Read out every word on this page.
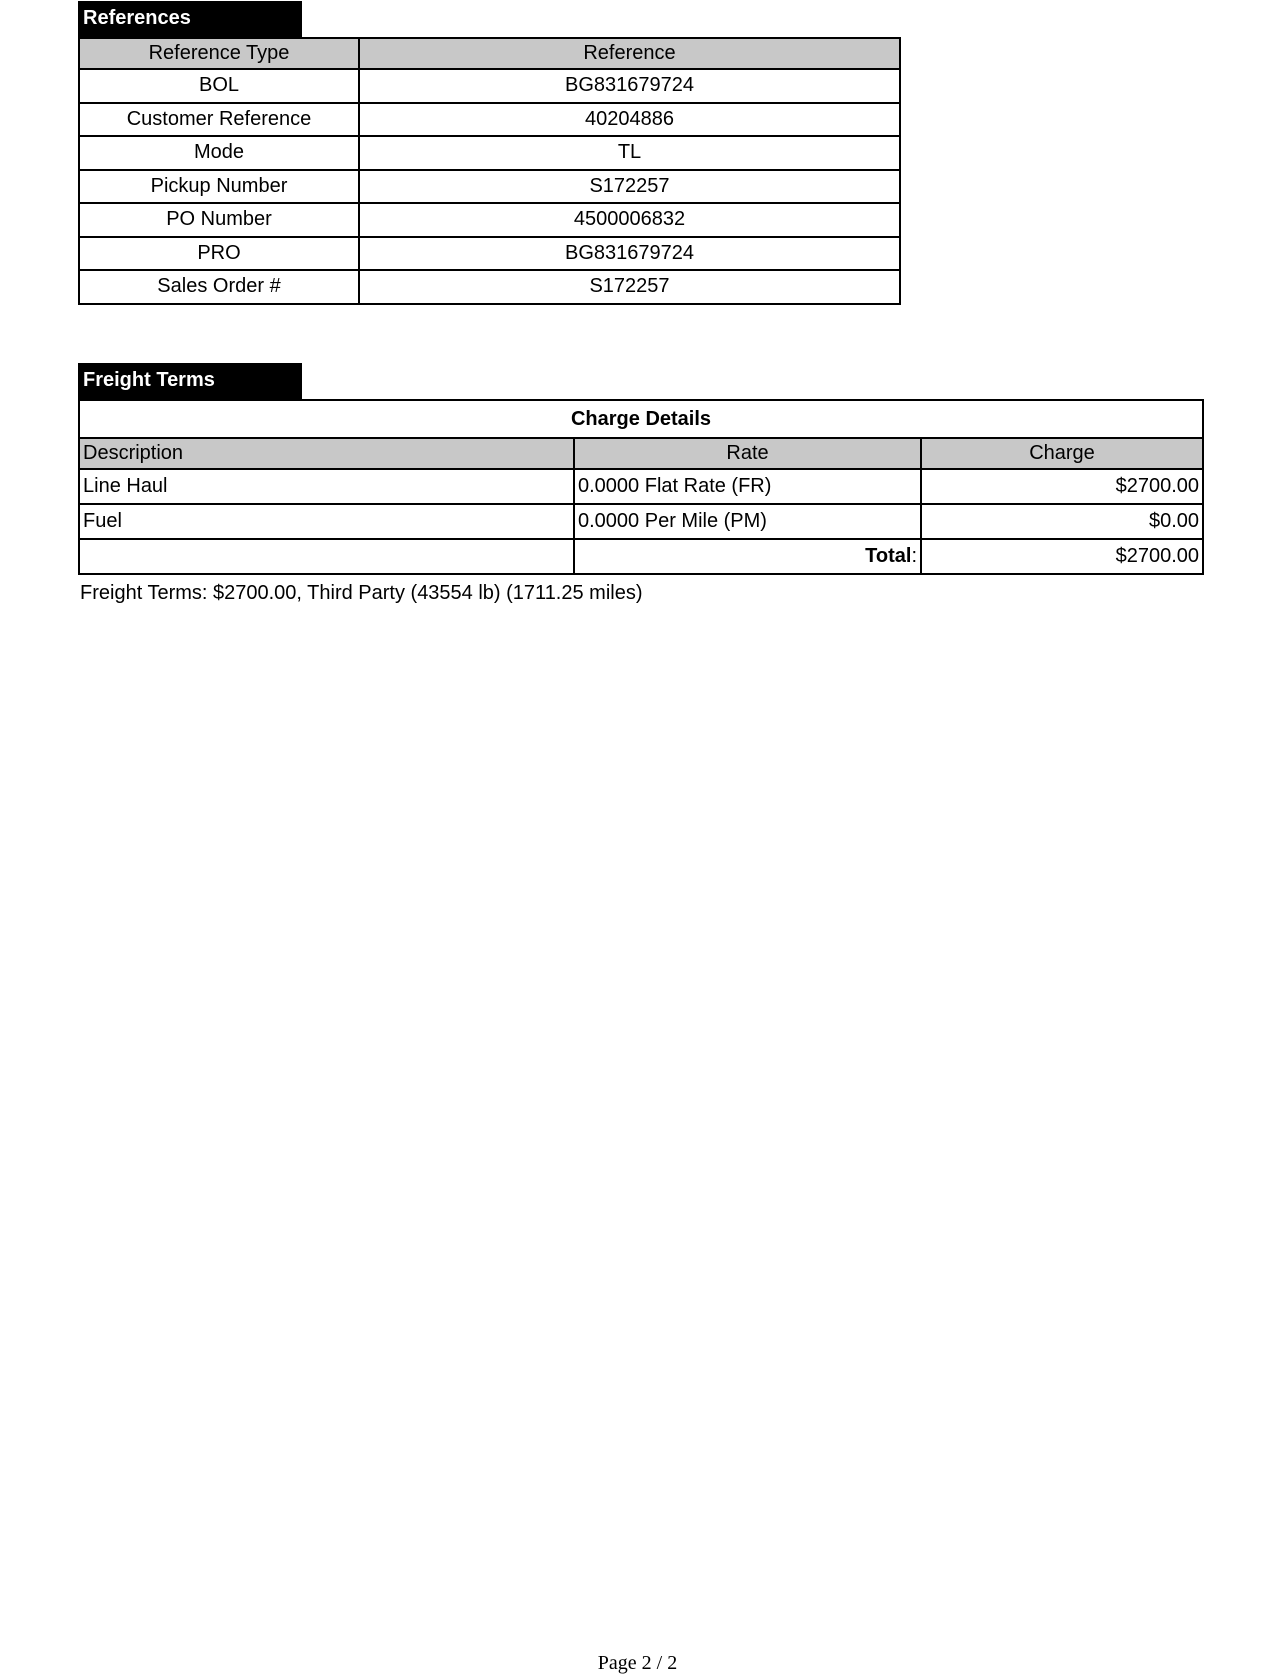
References
Reference Type	Reference
BOL	BG831679724
Customer Reference	40204886
Mode	TL
Pickup Number	S172257
PO Number	4500006832
PRO	BG831679724
Sales Order #	S172257
Freight Terms
Charge Details		
Description	Rate	Charge
Line Haul	0.0000 Flat Rate (FR)	$2700.00
Fuel	0.0000 Per Mile (PM)	$0.00
	Total:	$2700.00
Freight Terms: $2700.00, Third Party (43554 lb) (1711.25 miles)
Page 2 / 2
